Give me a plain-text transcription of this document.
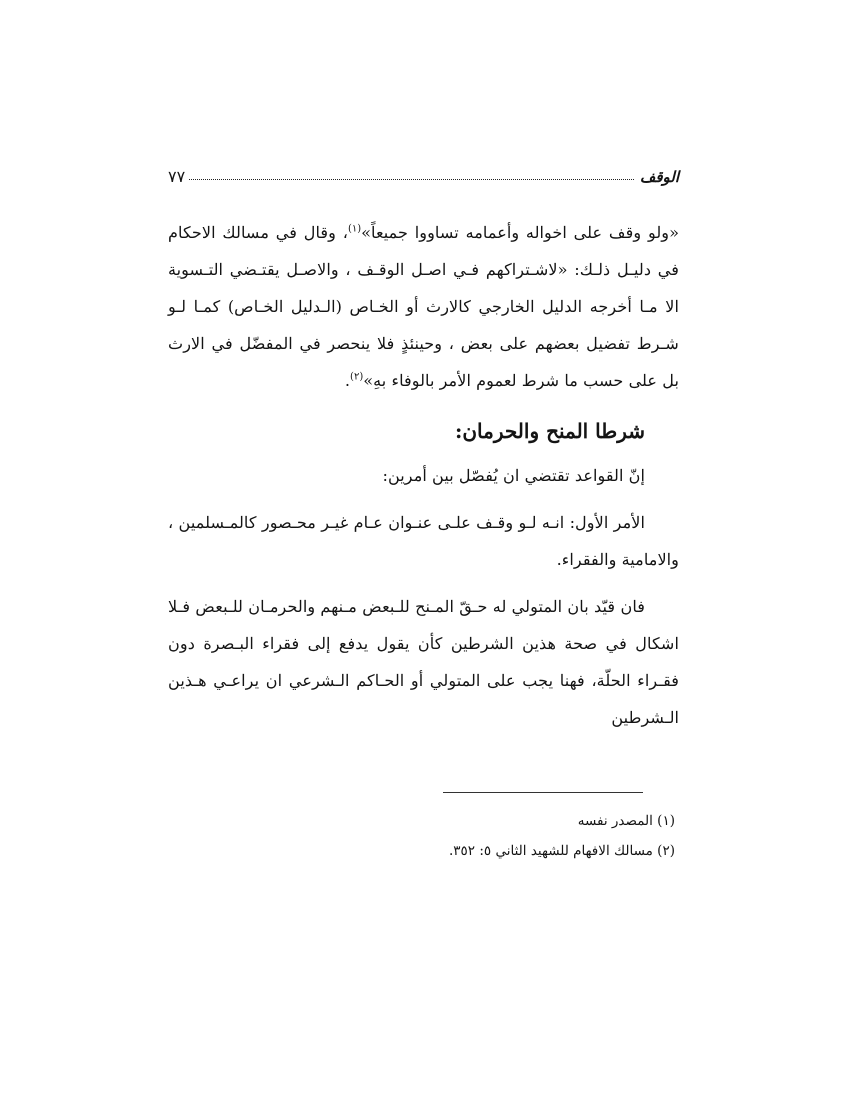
الوقف
٧٧

«ولو وقف على اخواله وأعمامه تساووا جميعاً»$^{(١)}$، وقال في مسالك الاحكام في دليـل ذلـك: «لاشـتراكهم فـي اصـل الوقـف ، والاصـل يقتـضي التـسوية الا مـا أخرجه الدليل الخارجي كالارث أو الخـاص (الـدليل الخـاص) كمـا لـو شـرط تفضيل بعضهم على بعض ، وحينئذٍ فلا ينحصر في المفضّل في الارث بل على حسب ما شرط لعموم الأمر بالوفاء بهِ»$^{(٢)}$.

شرطا المنح والحرمان:

إنّ القواعد تقتضي ان يُفصّل بين أمرين:

الأمر الأول: انـه لـو وقـف علـى عنـوان عـام غيـر محـصور كالمـسلمين ، والامامية والفقراء.

فان قيّد بان المتولي له حـقّ المـنح للـبعض مـنهم والحرمـان للـبعض فـلا اشكال في صحة هذين الشرطين كأن يقول يدفع إلى فقراء البـصرة دون فقـراء الحلّة، فهنا يجب على المتولي أو الحـاكم الـشرعي ان يراعـي هـذين الـشرطين

(١) المصدر نفسه

(٢) مسالك الافهام للشهيد الثاني ٥: ٣٥٢.
